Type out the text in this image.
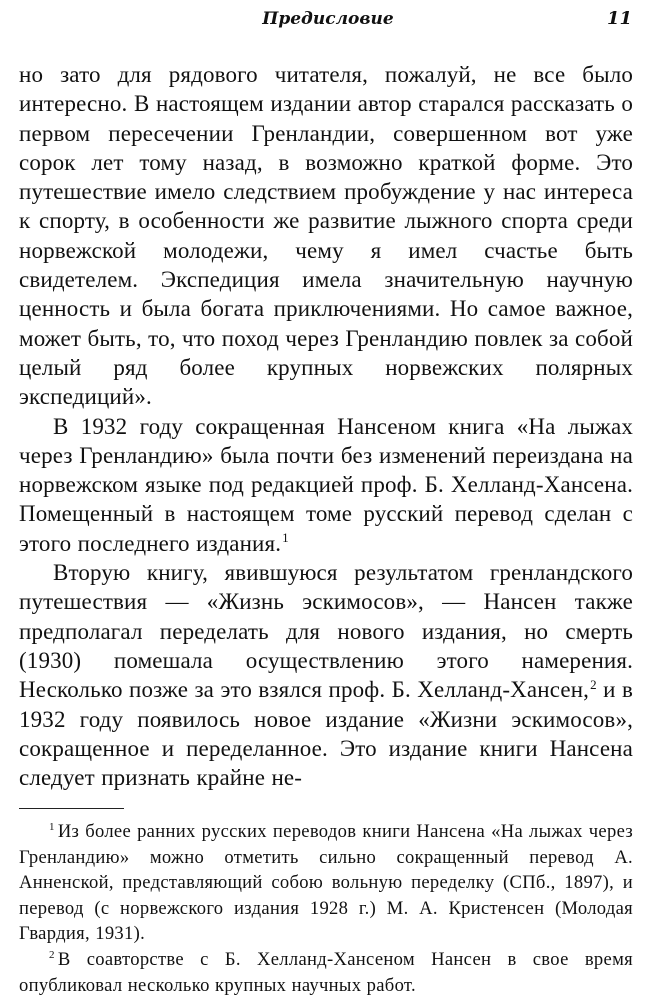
Предисловие	11

но зато для рядового читателя, пожалуй, не все было интересно. В настоящем издании автор старался рассказать о первом пересечении Гренландии, совершенном вот уже сорок лет тому назад, в возможно краткой форме. Это путешествие имело следствием пробуждение у нас интереса к спорту, в особенности же развитие лыжного спорта среди норвежской молодежи, чему я имел счастье быть свидетелем. Экспедиция имела значительную научную ценность и была богата приключениями. Но самое важное, может быть, то, что поход через Гренландию повлек за собой целый ряд более крупных норвежских полярных экспедиций».

В 1932 году сокращенная Нансеном книга «На лыжах через Гренландию» была почти без изменений переиздана на норвежском языке под редакцией проф. Б. Хелланд-Хансена. Помещенный в настоящем томе русский перевод сделан с этого последнего издания.$^1$

Вторую книгу, явившуюся результатом гренландского путешествия — «Жизнь эскимосов», — Нансен также предполагал переделать для нового издания, но смерть (1930) помешала осуществлению этого намерения. Несколько позже за это взялся проф. Б. Хелланд-Хансен,$^2$ и в 1932 году появилось новое издание «Жизни эскимосов», сокращенное и переделанное. Это издание книги Нансена следует признать крайне не-

$^1$ Из более ранних русских переводов книги Нансена «На лыжах через Гренландию» можно отметить сильно сокращенный перевод А. Анненской, представляющий собою вольную переделку (СПб., 1897), и перевод (с норвежского издания 1928 г.) М. А. Кристенсен (Молодая Гвардия, 1931).

$^2$ В соавторстве с Б. Хелланд-Хансеном Нансен в свое время опубликовал несколько крупных научных работ.
